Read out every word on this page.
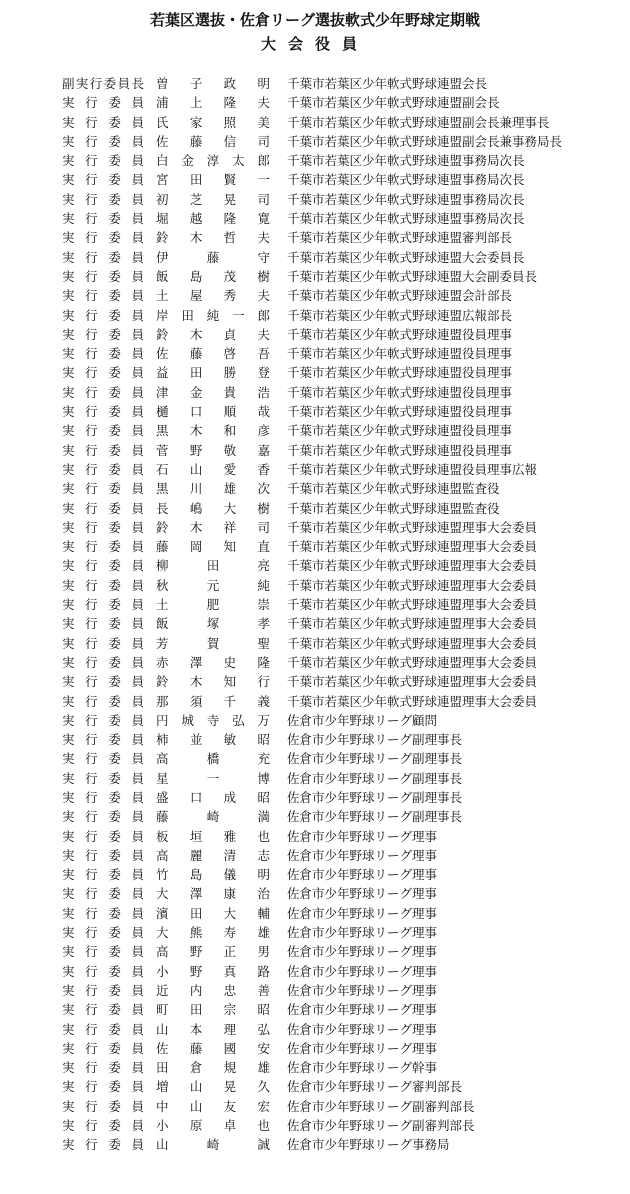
若葉区選抜・佐倉リーグ選抜軟式少年野球定期戦
大会役員
副 実 行 委 員 長 曽 子 政 明 千葉市若葉区少年軟式野球連盟会長
実 行 委 員 浦 上 隆 夫 千葉市若葉区少年軟式野球連盟副会長
実 行 委 員 氏 家 照 美 千葉市若葉区少年軟式野球連盟副会長兼理事長
実 行 委 員 佐 藤 信 司 千葉市若葉区少年軟式野球連盟副会長兼事務局長
実 行 委 員 白 金 淳 太 郎 千葉市若葉区少年軟式野球連盟事務局次長
実 行 委 員 宮 田 賢 一 千葉市若葉区少年軟式野球連盟事務局次長
実 行 委 員 初 芝 晃 司 千葉市若葉区少年軟式野球連盟事務局次長
実 行 委 員 堀 越 隆 寛 千葉市若葉区少年軟式野球連盟事務局次長
実 行 委 員 鈴 木 哲 夫 千葉市若葉区少年軟式野球連盟審判部長
実 行 委 員 伊	藤	守 千葉市若葉区少年軟式野球連盟大会委員長
実 行 委 員 飯 島 茂 樹 千葉市若葉区少年軟式野球連盟大会副委員長
実 行 委 員 土 屋 秀 夫 千葉市若葉区少年軟式野球連盟会計部長
実 行 委 員 岸 田 純 一 郎 千葉市若葉区少年軟式野球連盟広報部長
実 行 委 員 鈴 木 貞 夫 千葉市若葉区少年軟式野球連盟役員理事
実 行 委 員 佐 藤 啓 吾 千葉市若葉区少年軟式野球連盟役員理事
実 行 委 員 益 田 勝 登 千葉市若葉区少年軟式野球連盟役員理事
実 行 委 員 津 金 貴 浩 千葉市若葉区少年軟式野球連盟役員理事
実 行 委 員 樋 口 順 哉 千葉市若葉区少年軟式野球連盟役員理事
実 行 委 員 黒 木 和 彦 千葉市若葉区少年軟式野球連盟役員理事
実 行 委 員 菅 野 敬 嘉 千葉市若葉区少年軟式野球連盟役員理事
実 行 委 員 石 山 愛 香 千葉市若葉区少年軟式野球連盟役員理事広報
実 行 委 員 黒 川 雄 次 千葉市若葉区少年軟式野球連盟監査役
実 行 委 員 長 嶋 大 樹 千葉市若葉区少年軟式野球連盟監査役
実 行 委 員 鈴 木 祥 司 千葉市若葉区少年軟式野球連盟理事大会委員
実 行 委 員 藤 岡 知 直 千葉市若葉区少年軟式野球連盟理事大会委員
実 行 委 員 柳	田	亮 千葉市若葉区少年軟式野球連盟理事大会委員
実 行 委 員 秋	元	純 千葉市若葉区少年軟式野球連盟理事大会委員
実 行 委 員 土	肥	崇 千葉市若葉区少年軟式野球連盟理事大会委員
実 行 委 員 飯	塚	孝 千葉市若葉区少年軟式野球連盟理事大会委員
実 行 委 員 芳	賀	聖 千葉市若葉区少年軟式野球連盟理事大会委員
実 行 委 員 赤 澤 史 隆 千葉市若葉区少年軟式野球連盟理事大会委員
実 行 委 員 鈴 木 知 行 千葉市若葉区少年軟式野球連盟理事大会委員
実 行 委 員 那 須 千 義 千葉市若葉区少年軟式野球連盟理事大会委員
実 行 委 員 円 城 寺 弘 万 佐倉市少年野球リーグ顧問
実 行 委 員 柿 並 敏 昭 佐倉市少年野球リーグ副理事長
実 行 委 員 高	橋	充 佐倉市少年野球リーグ副理事長
実 行 委 員 星	一	博 佐倉市少年野球リーグ副理事長
実 行 委 員 盛 口 成 昭 佐倉市少年野球リーグ副理事長
実 行 委 員 藤	崎	満 佐倉市少年野球リーグ副理事長
実 行 委 員 板 垣 雅 也 佐倉市少年野球リーグ理事
実 行 委 員 高 麗 清 志 佐倉市少年野球リーグ理事
実 行 委 員 竹 島 儀 明 佐倉市少年野球リーグ理事
実 行 委 員 大 澤 康 治 佐倉市少年野球リーグ理事
実 行 委 員 濱 田 大 輔 佐倉市少年野球リーグ理事
実 行 委 員 大 熊 寿 雄 佐倉市少年野球リーグ理事
実 行 委 員 高 野 正 男 佐倉市少年野球リーグ理事
実 行 委 員 小 野 真 路 佐倉市少年野球リーグ理事
実 行 委 員 近 内 忠 善 佐倉市少年野球リーグ理事
実 行 委 員 町 田 宗 昭 佐倉市少年野球リーグ理事
実 行 委 員 山 本 理 弘 佐倉市少年野球リーグ理事
実 行 委 員 佐 藤 國 安 佐倉市少年野球リーグ理事
実 行 委 員 田 倉 規 雄 佐倉市少年野球リーグ幹事
実 行 委 員 増 山 晃 久 佐倉市少年野球リーグ審判部長
実 行 委 員 中 山 友 宏 佐倉市少年野球リーグ副審判部長
実 行 委 員 小 原 卓 也 佐倉市少年野球リーグ副審判部長
実 行 委 員 山	崎	誠 佐倉市少年野球リーグ事務局
